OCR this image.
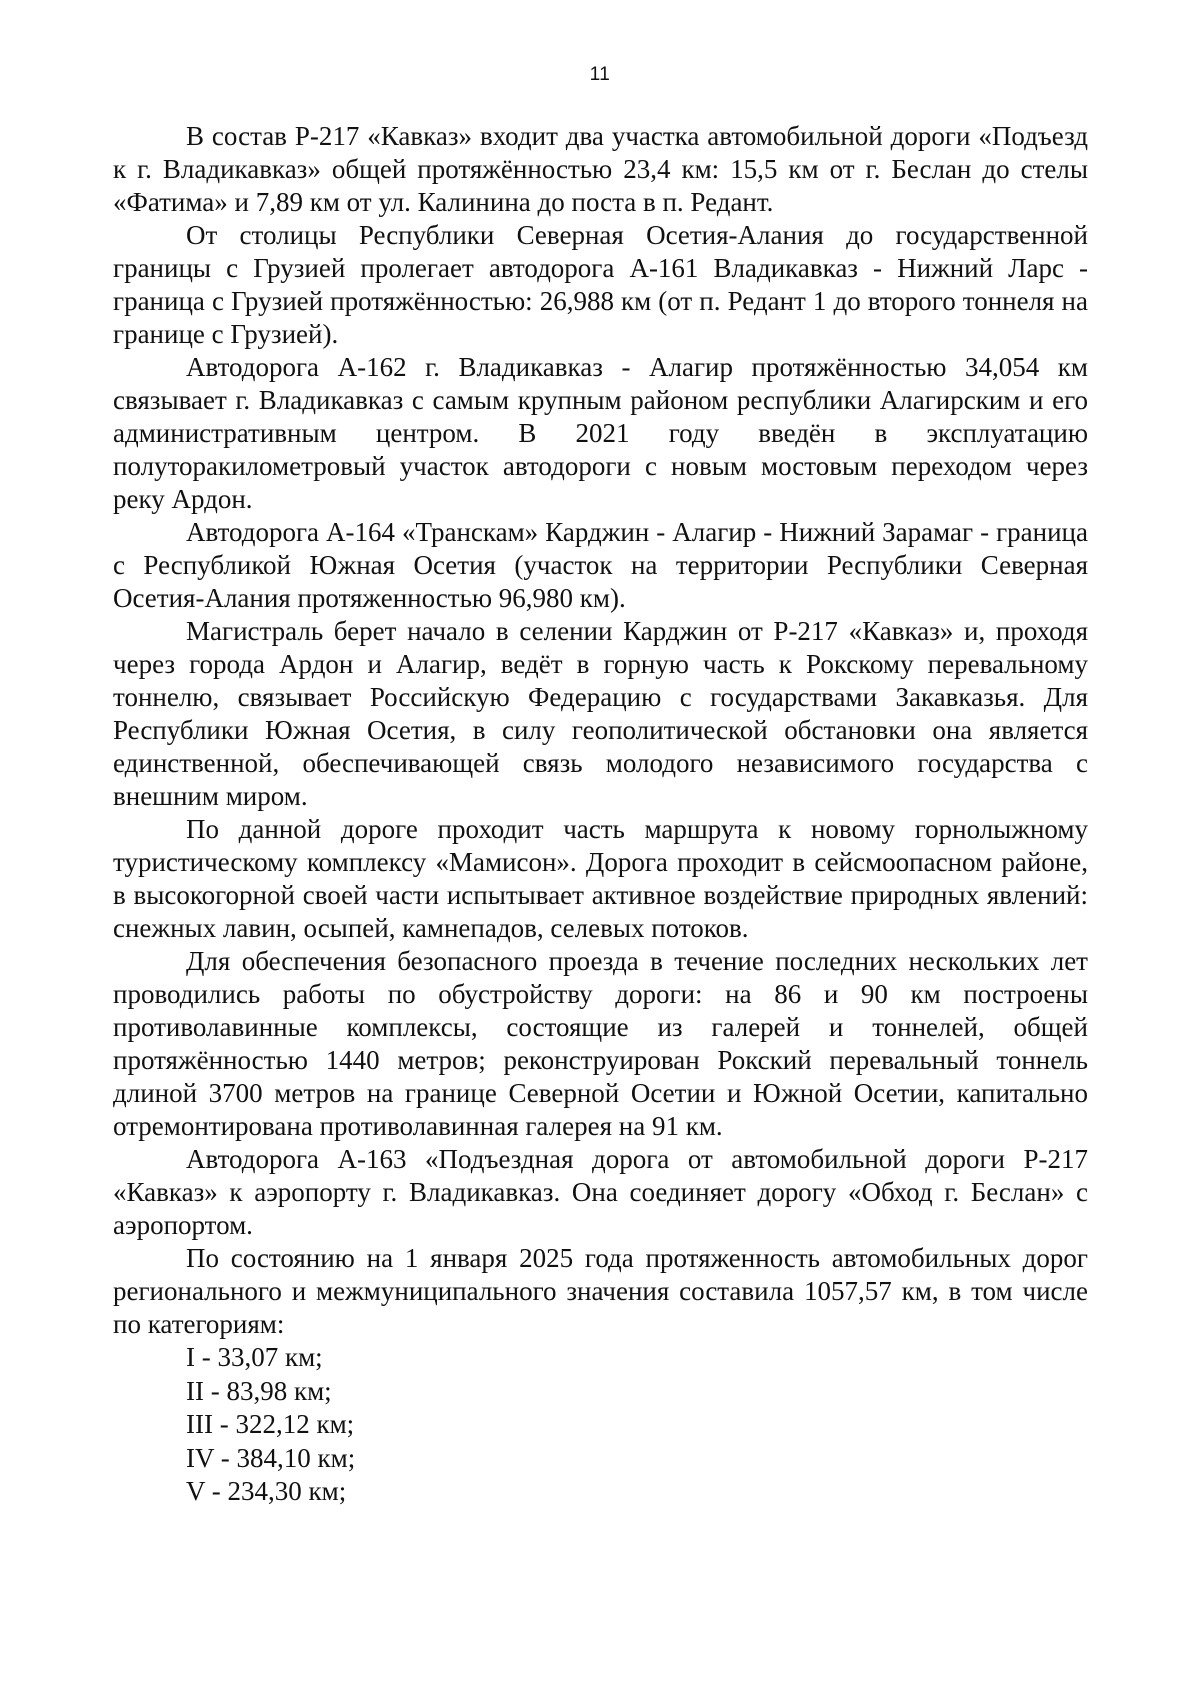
11

В состав Р-217 «Кавказ» входит два участка автомобильной дороги «Подъезд к г. Владикавказ» общей протяжённостью 23,4 км: 15,5 км от г. Беслан до стелы «Фатима» и 7,89 км от ул. Калинина до поста в п. Редант.

От столицы Республики Северная Осетия-Алания до государственной границы с Грузией пролегает автодорога А-161 Владикавказ - Нижний Ларс - граница с Грузией протяжённостью: 26,988 км (от п. Редант 1 до второго тоннеля на границе с Грузией).

Автодорога А-162 г. Владикавказ - Алагир протяжённостью 34,054 км связывает г. Владикавказ с самым крупным районом республики Алагирским и его административным центром. В 2021 году введён в эксплуатацию полуторакилометровый участок автодороги с новым мостовым переходом через реку Ардон.

Автодорога А-164 «Транскам» Карджин - Алагир - Нижний Зарамаг - граница с Республикой Южная Осетия (участок на территории Республики Северная Осетия-Алания протяженностью 96,980 км).

Магистраль берет начало в селении Карджин от Р-217 «Кавказ» и, проходя через города Ардон и Алагир, ведёт в горную часть к Рокскому перевальному тоннелю, связывает Российскую Федерацию с государствами Закавказья. Для Республики Южная Осетия, в силу геополитической обстановки она является единственной, обеспечивающей связь молодого независимого государства с внешним миром.

По данной дороге проходит часть маршрута к новому горнолыжному туристическому комплексу «Мамисон». Дорога проходит в сейсмоопасном районе, в высокогорной своей части испытывает активное воздействие природных явлений: снежных лавин, осыпей, камнепадов, селевых потоков.

Для обеспечения безопасного проезда в течение последних нескольких лет проводились работы по обустройству дороги: на 86 и 90 км построены противолавинные комплексы, состоящие из галерей и тоннелей, общей протяжённостью 1440 метров; реконструирован Рокский перевальный тоннель длиной 3700 метров на границе Северной Осетии и Южной Осетии, капитально отремонтирована противолавинная галерея на 91 км.

Автодорога А-163 «Подъездная дорога от автомобильной дороги Р-217 «Кавказ» к аэропорту г. Владикавказ. Она соединяет дорогу «Обход г. Беслан» с аэропортом.

По состоянию на 1 января 2025 года протяженность автомобильных дорог регионального и межмуниципального значения составила 1057,57 км, в том числе по категориям:

I - 33,07 км;
II - 83,98 км;
III - 322,12 км;
IV - 384,10 км;
V - 234,30 км;
